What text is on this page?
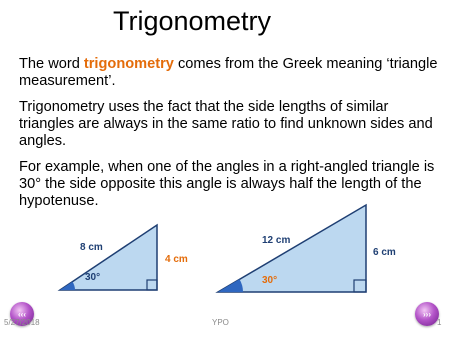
Trigonometry

The word trigonometry comes from the Greek meaning ‘triangle measurement’.

Trigonometry uses the fact that the side lengths of similar triangles are always in the same ratio to find unknown sides and angles.

For example, when one of the angles in a right-angled triangle is 30° the side opposite this angle is always half the length of the hypotenuse.

8 cm
4 cm
30°
12 cm
6 cm
30°
‹‹‹	›››
5/27/2018	YPO	1
